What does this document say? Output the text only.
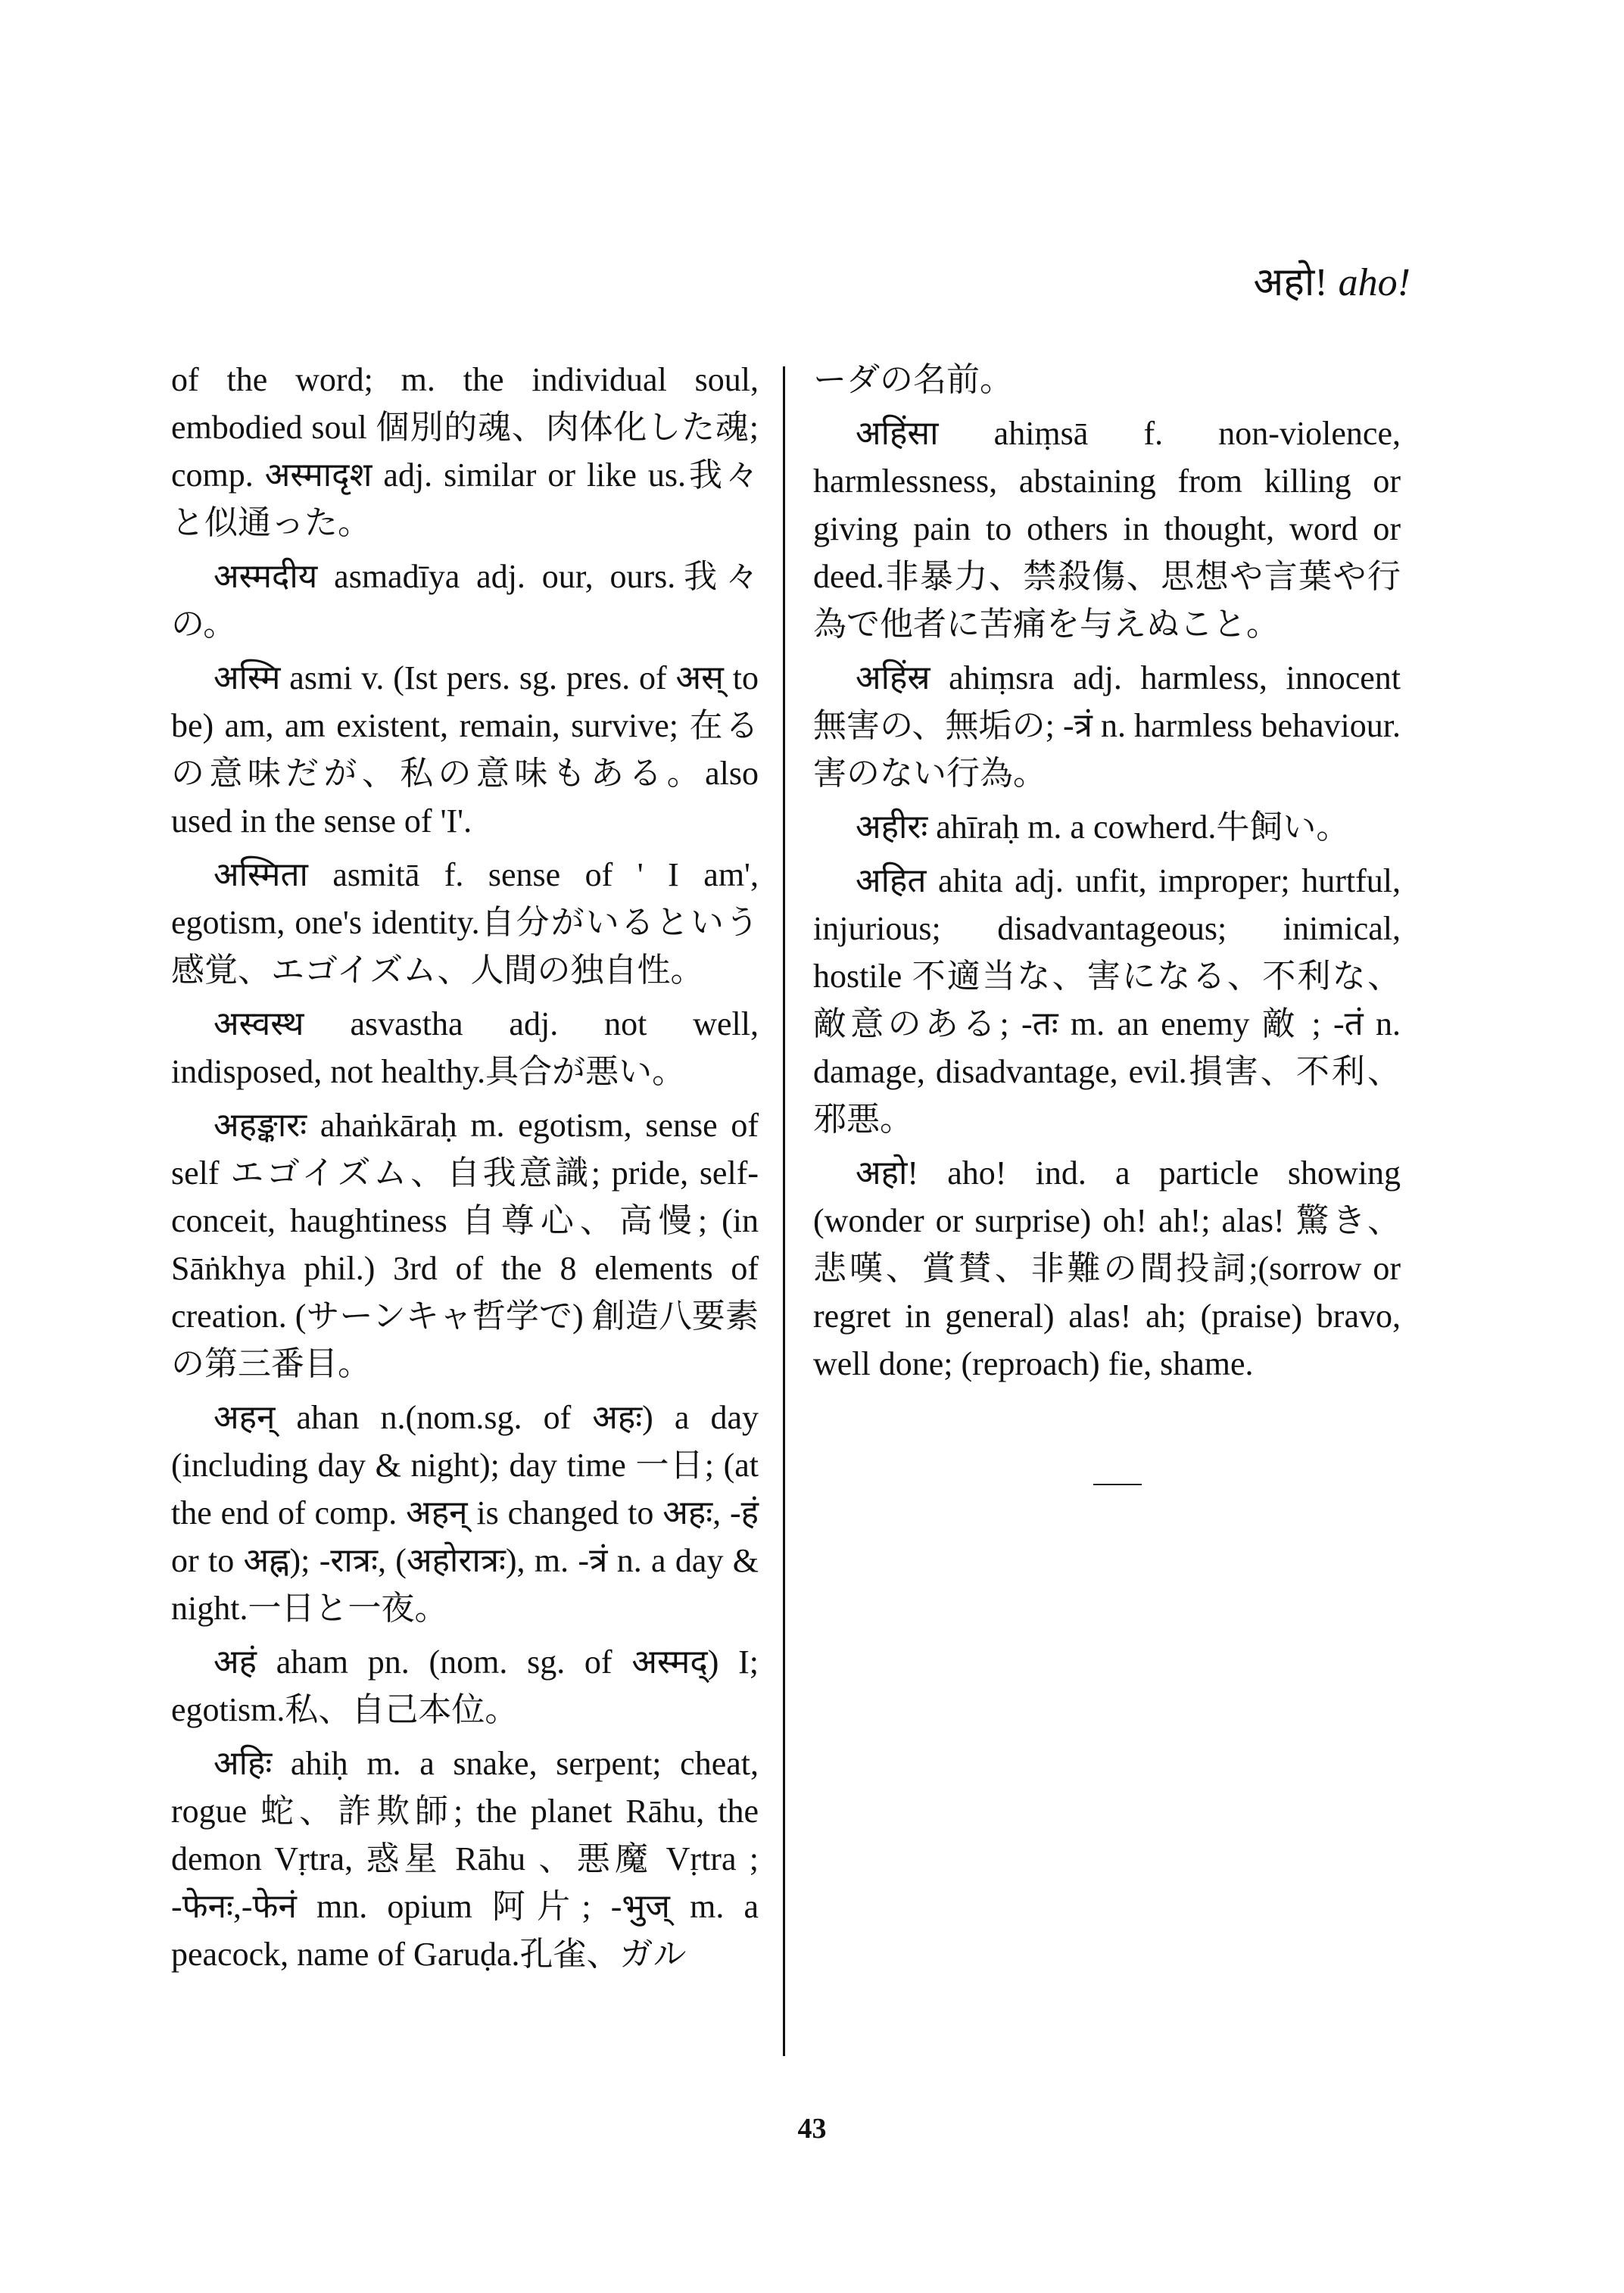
अहो! aho!

of the word; m. the individual soul, embodied soul 個別的魂、肉体化した魂; comp. अस्मादृश adj. similar or like us.我々と似通った。

अस्मदीय asmadīya adj. our, ours.我々の。

अस्मि asmi v. (Ist pers. sg. pres. of अस् to be) am, am existent, remain, survive; 在るの意味だが、私の意味もある。also used in the sense of 'I'.

अस्मिता asmitā f. sense of ' I am', egotism, one's identity.自分がいるという感覚、エゴイズム、人間の独自性。

अस्वस्थ asvastha adj. not well, indisposed, not healthy.具合が悪い。

अहङ्कारः ahaṅkāraḥ m. egotism, sense of self エゴイズム、自我意識; pride, self-conceit, haughtiness 自尊心、高慢; (in Sāṅkhya phil.) 3rd of the 8 elements of creation. (サーンキャ哲学で) 創造八要素の第三番目。

अहन् ahan n.(nom.sg. of अहः) a day (including day & night); day time 一日; (at the end of comp. अहन् is changed to अहः, -हं or to अह्न); -रात्रः, (अहोरात्रः), m. -त्रं n. a day & night.一日と一夜。

अहं aham pn. (nom. sg. of अस्मद्) I; egotism.私、自己本位。

अहिः ahiḥ m. a snake, serpent; cheat, rogue 蛇、詐欺師; the planet Rāhu, the demon Vṛtra, 惑星 Rāhu 、悪魔 Vṛtra ; -फेनः,-फेनं mn. opium 阿片; -भुज् m. a peacock, name of Garuḍa.孔雀、ガル

ーダの名前。

अहिंसा ahiṃsā f. non-violence, harmlessness, abstaining from killing or giving pain to others in thought, word or deed.非暴力、禁殺傷、思想や言葉や行為で他者に苦痛を与えぬこと。

अहिंस्र ahiṃsra adj. harmless, innocent 無害の、無垢の; -त्रं n. harmless behaviour.害のない行為。

अहीरः ahīraḥ m. a cowherd.牛飼い。

अहित ahita adj. unfit, improper; hurtful, injurious; disadvantageous; inimical, hostile 不適当な、害になる、不利な、敵意のある; -तः m. an enemy 敵 ; -तं n. damage, disadvantage, evil.損害、不利、邪悪。

अहो! aho! ind. a particle showing (wonder or surprise) oh! ah!; alas! 驚き、悲嘆、賞賛、非難の間投詞;(sorrow or regret in general) alas! ah; (praise) bravo, well done; (reproach) fie, shame.

43
